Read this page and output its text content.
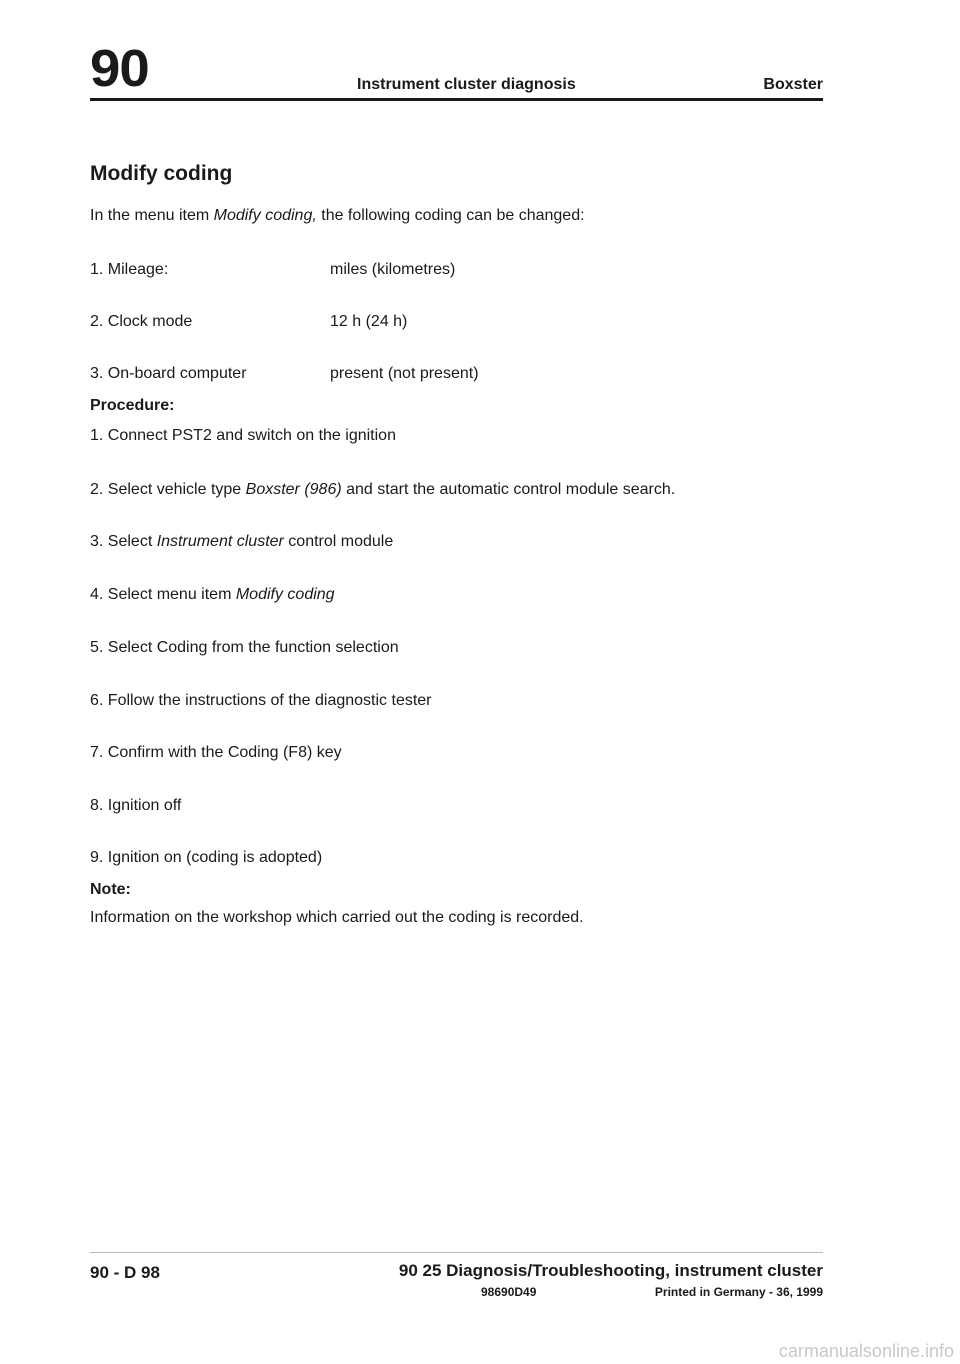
90	Instrument cluster diagnosis	Boxster
Modify coding
In the menu item Modify coding, the following coding can be changed:
1. Mileage:	miles (kilometres)
2. Clock mode	12 h (24 h)
3. On-board computer	present (not present)
Procedure:
1. Connect PST2 and switch on the ignition
2. Select vehicle type Boxster (986) and start the automatic control module search.
3. Select Instrument cluster control module
4. Select menu item Modify coding
5. Select Coding from the function selection
6. Follow the instructions of the diagnostic tester
7. Confirm with the Coding (F8) key
8. Ignition off
9. Ignition on (coding is adopted)
Note:
Information on the workshop which carried out the coding is recorded.
90 - D 98	90 25 Diagnosis/Troubleshooting, instrument cluster
98690D49	Printed in Germany - 36, 1999
carmanualsonline.info
